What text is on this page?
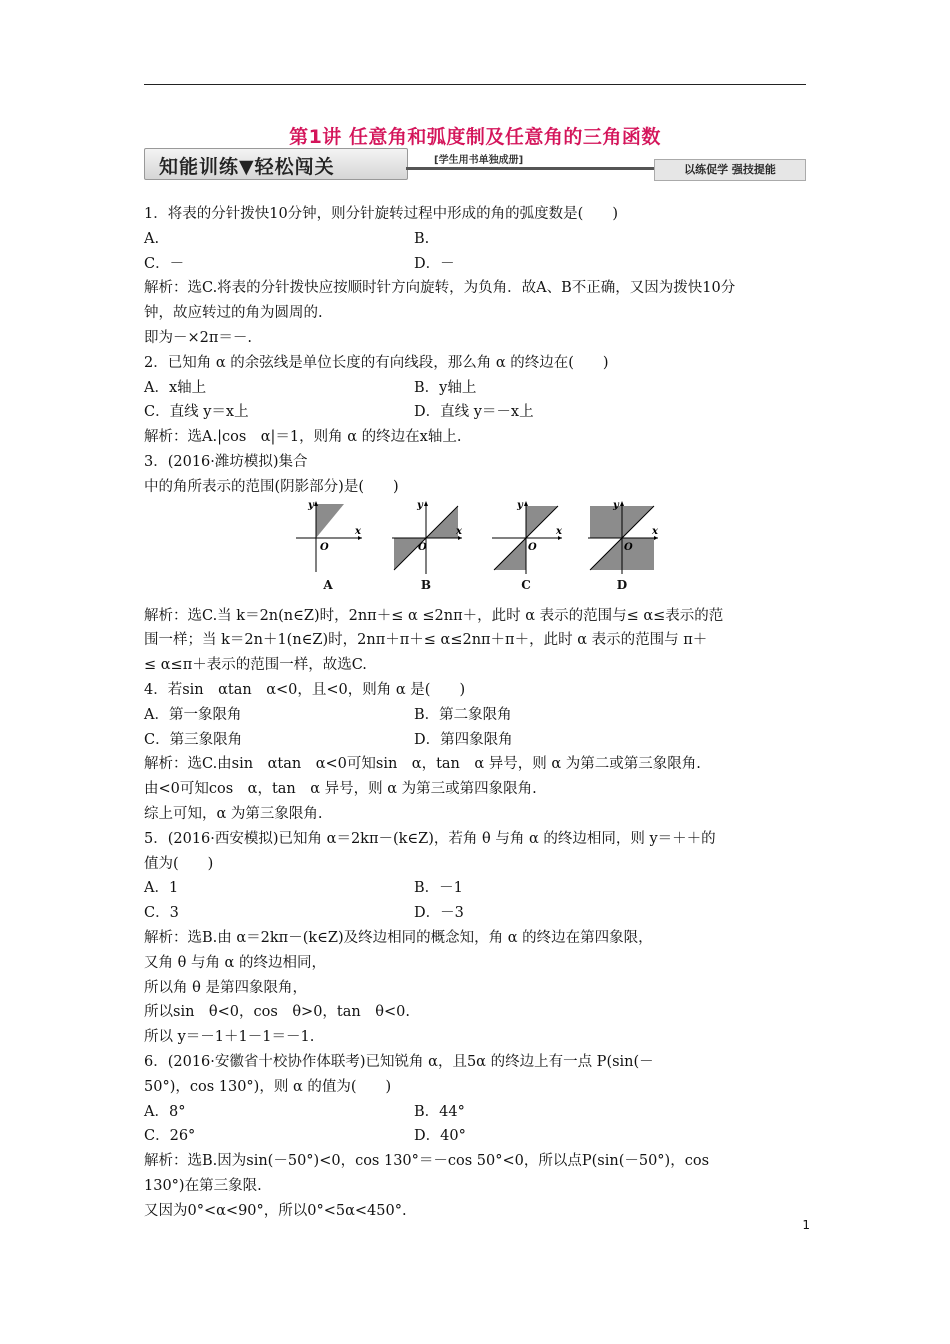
第1讲 任意角和弧度制及任意角的三角函数
知能训练▼轻松闯关	[学生用书单独成册]
以练促学 强技提能
1．将表的分针拨快10分钟，则分针旋转过程中形成的角的弧度数是(　　)
A.	B.
C．－	D．－
解析：选C.将表的分针拨快应按顺时针方向旋转，为负角．故A、B不正确，又因为拨快10分
钟，故应转过的角为圆周的.
即为－×2π＝－.
2．已知角 α 的余弦线是单位长度的有向线段，那么角 α 的终边在(　　)
A．x轴上	B．y轴上
C．直线 y＝x上	D．直线 y＝－x上
解析：选A.|cos　α|＝1，则角 α 的终边在x轴上.
3．(2016·潍坊模拟)集合
中的角所表示的范围(阴影部分)是(　　)
y
O
x
A
y
O
x
B
y
O
x
C
y
O
x
D
解析：选C.当 k＝2n(n∈Z)时，2nπ＋≤ α ≤2nπ＋，此时 α 表示的范围与≤ α≤表示的范
围一样；当 k＝2n＋1(n∈Z)时，2nπ＋π＋≤ α≤2nπ＋π＋，此时 α 表示的范围与 π＋
≤ α≤π＋表示的范围一样，故选C.
4．若sin　αtan　α<0，且<0，则角 α 是(　　)
A．第一象限角	B．第二象限角
C．第三象限角	D．第四象限角
解析：选C.由sin　αtan　α<0可知sin　α，tan　α 异号，则 α 为第二或第三象限角.
由<0可知cos　α，tan　α 异号，则 α 为第三或第四象限角.
综上可知，α 为第三象限角.
5．(2016·西安模拟)已知角 α＝2kπ－(k∈Z)，若角 θ 与角 α 的终边相同，则 y＝＋＋的
值为(　　)
A．1	B．－1
C．3	D．－3
解析：选B.由 α＝2kπ－(k∈Z)及终边相同的概念知，角 α 的终边在第四象限，
又角 θ 与角 α 的终边相同，
所以角 θ 是第四象限角，
所以sin　θ<0，cos　θ>0，tan　θ<0.
所以 y＝－1＋1－1＝－1.
6．(2016·安徽省十校协作体联考)已知锐角 α，且5α 的终边上有一点 P(sin(－
50°)，cos 130°)，则 α 的值为(　　)
A．8°	B．44°
C．26°	D．40°
解析：选B.因为sin(－50°)<0，cos 130°＝－cos 50°<0，所以点P(sin(－50°)，cos
130°)在第三象限.
又因为0°<α<90°，所以0°<5α<450°.
1
